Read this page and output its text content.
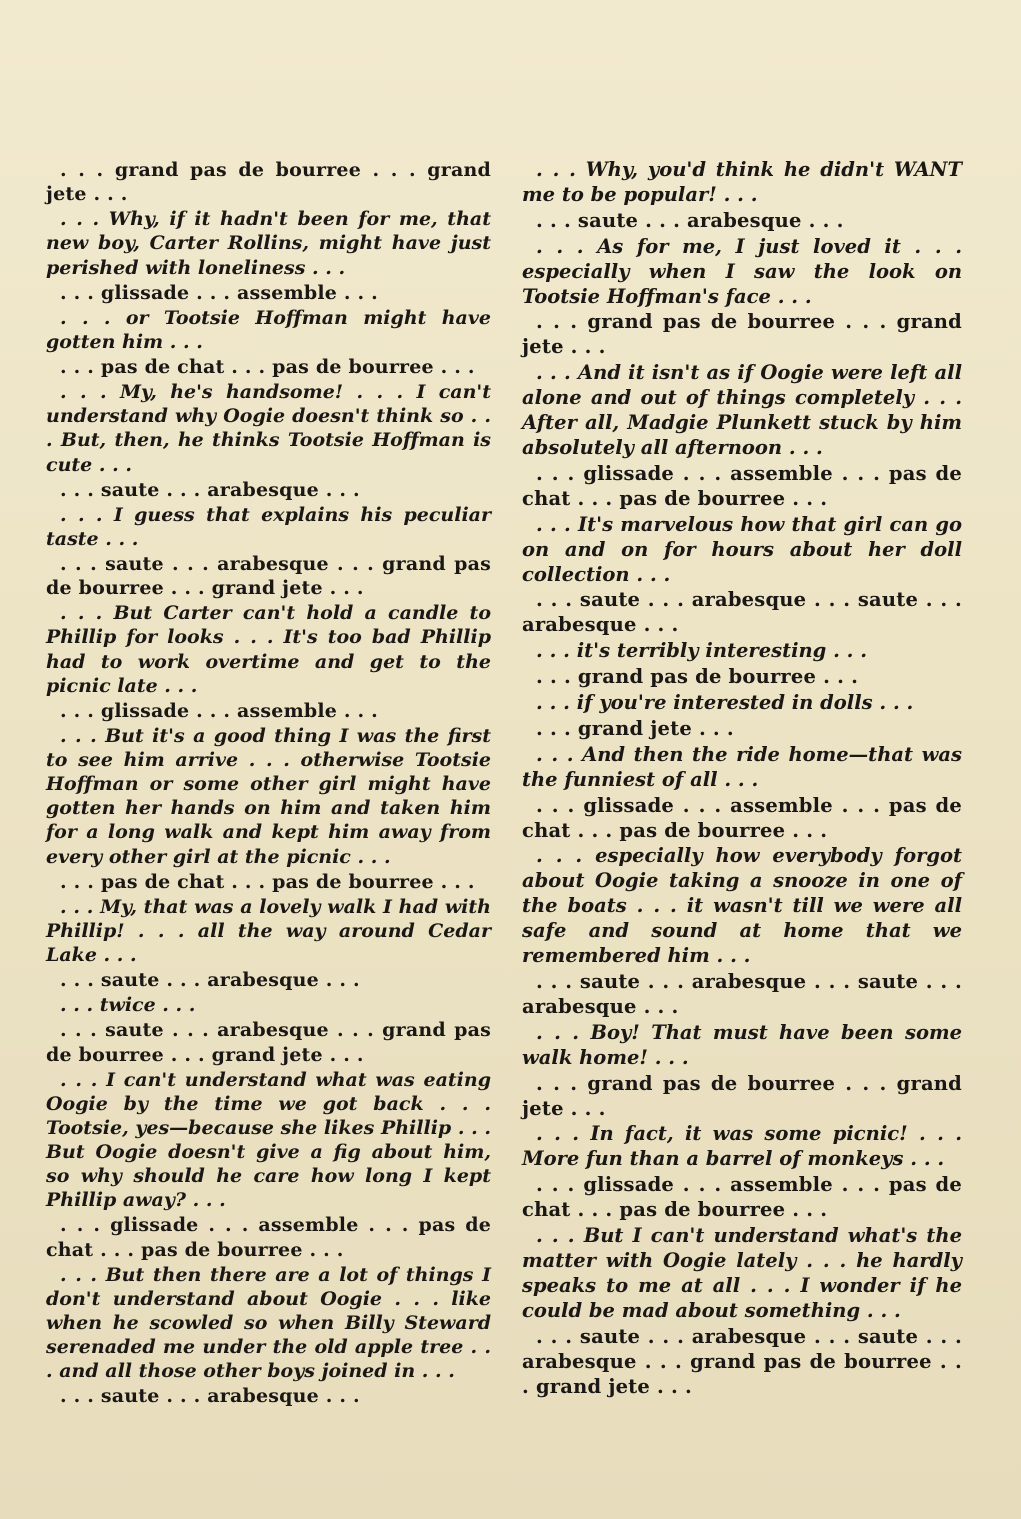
. . . grand pas de bourree . . . grand jete . . .

. . . Why, if it hadn't been for me, that new boy, Carter Rollins, might have just perished with loneliness . . .

. . . glissade . . . assemble . . .

. . . or Tootsie Hoffman might have gotten him . . .

. . . pas de chat . . . pas de bourree . . .

. . . My, he's handsome! . . . I can't understand why Oogie doesn't think so . . . But, then, he thinks Tootsie Hoffman is cute . . .

. . . saute . . . arabesque . . .

. . . I guess that explains his peculiar taste . . .

. . . saute . . . arabesque . . . grand pas de bourree . . . grand jete . . .

. . . But Carter can't hold a candle to Phillip for looks . . . It's too bad Phillip had to work overtime and get to the picnic late . . .

. . . glissade . . . assemble . . .

. . . But it's a good thing I was the first to see him arrive . . . otherwise Tootsie Hoffman or some other girl might have gotten her hands on him and taken him for a long walk and kept him away from every other girl at the picnic . . .

. . . pas de chat . . . pas de bourree . . .

. . . My, that was a lovely walk I had with Phillip! . . . all the way around Cedar Lake . . .

. . . saute . . . arabesque . . .

. . . twice . . .

. . . saute . . . arabesque . . . grand pas de bourree . . . grand jete . . .

. . . I can't understand what was eating Oogie by the time we got back . . . Tootsie, yes—because she likes Phillip . . . But Oogie doesn't give a fig about him, so why should he care how long I kept Phillip away? . . .

. . . glissade . . . assemble . . . pas de chat . . . pas de bourree . . .

. . . But then there are a lot of things I don't understand about Oogie . . . like when he scowled so when Billy Steward serenaded me under the old apple tree . . . and all those other boys joined in . . .

. . . saute . . . arabesque . . .

. . . Why, you'd think he didn't WANT me to be popular! . . .

. . . saute . . . arabesque . . .

. . . As for me, I just loved it . . . especially when I saw the look on Tootsie Hoffman's face . . .

. . . grand pas de bourree . . . grand jete . . .

. . . And it isn't as if Oogie were left all alone and out of things completely . . . After all, Madgie Plunkett stuck by him absolutely all afternoon . . .

. . . glissade . . . assemble . . . pas de chat . . . pas de bourree . . .

. . . It's marvelous how that girl can go on and on for hours about her doll collection . . .

. . . saute . . . arabesque . . . saute . . . arabesque . . .

. . . it's terribly interesting . . .

. . . grand pas de bourree . . .

. . . if you're interested in dolls . . .

. . . grand jete . . .

. . . And then the ride home—that was the funniest of all . . .

. . . glissade . . . assemble . . . pas de chat . . . pas de bourree . . .

. . . especially how everybody forgot about Oogie taking a snooze in one of the boats . . . it wasn't till we were all safe and sound at home that we remembered him . . .

. . . saute . . . arabesque . . . saute . . . arabesque . . .

. . . Boy! That must have been some walk home! . . .

. . . grand pas de bourree . . . grand jete . . .

. . . In fact, it was some picnic! . . . More fun than a barrel of monkeys . . .

. . . glissade . . . assemble . . . pas de chat . . . pas de bourree . . .

. . . But I can't understand what's the matter with Oogie lately . . . he hardly speaks to me at all . . . I wonder if he could be mad about something . . .

. . . saute . . . arabesque . . . saute . . . arabesque . . . grand pas de bourree . . . grand jete . . .
